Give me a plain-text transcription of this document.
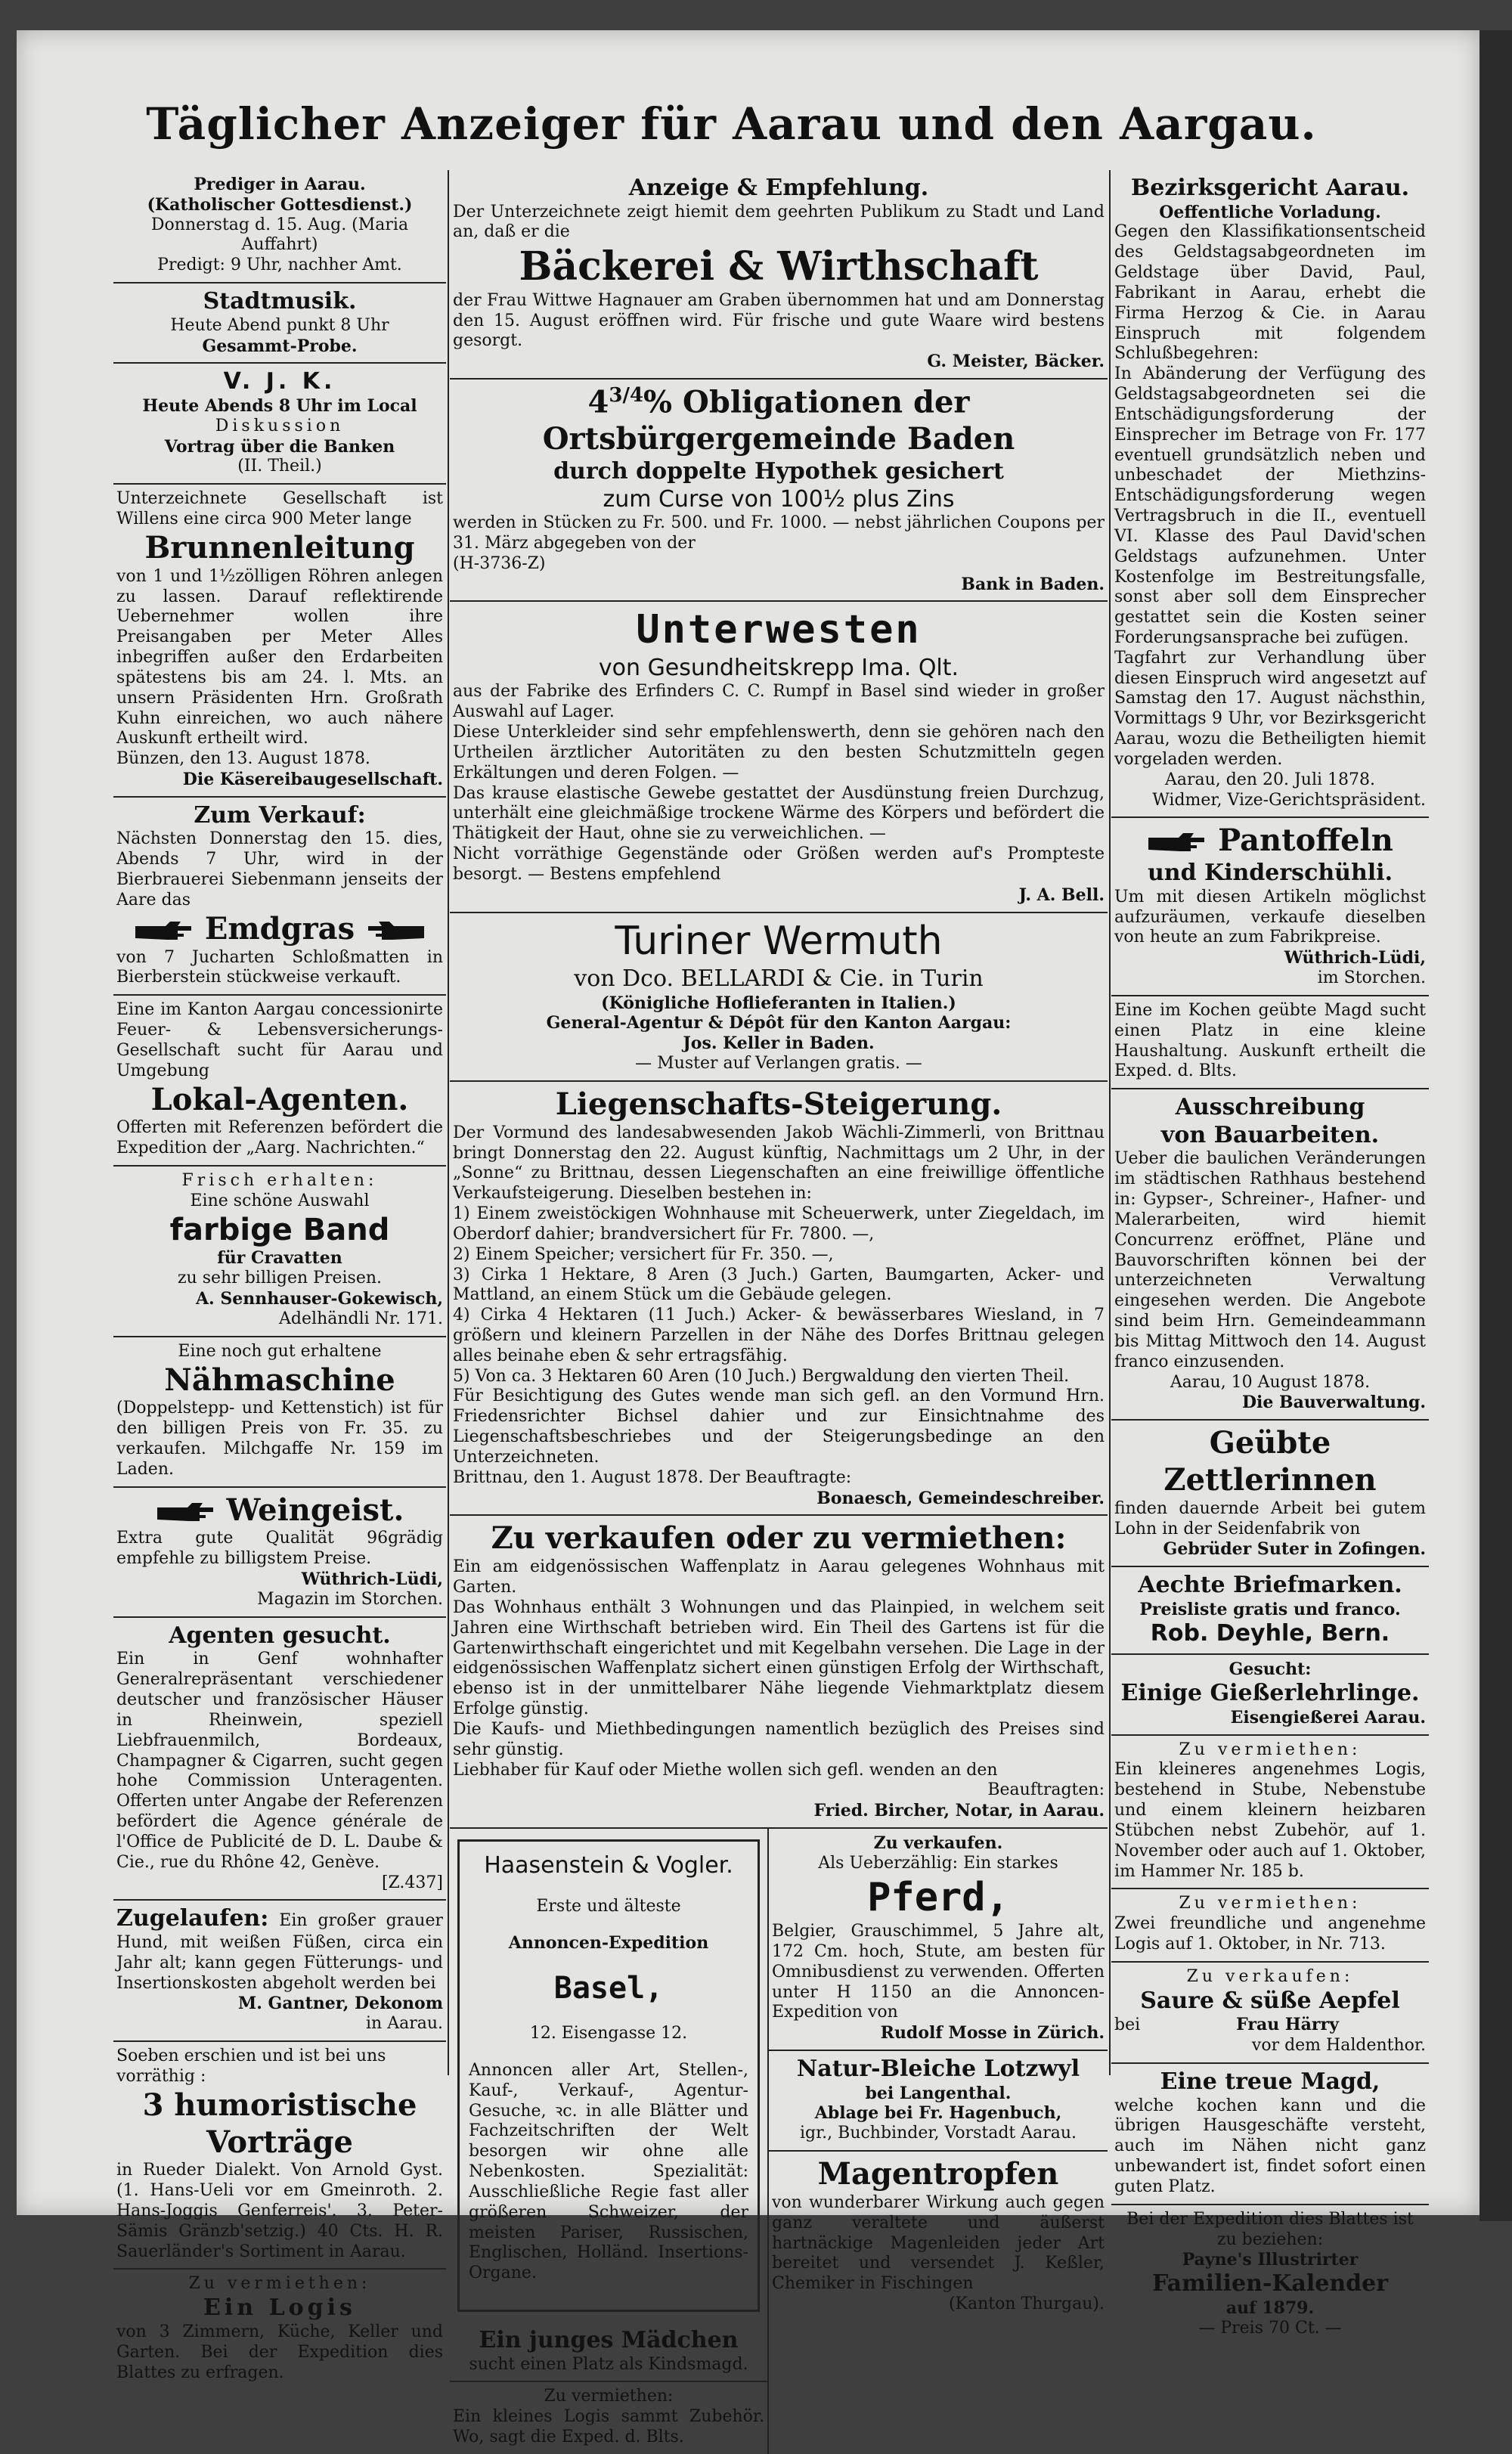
Täglicher Anzeiger für Aarau und den Aargau.

Prediger in Aarau.

(Katholischer Gottesdienst.)

Donnerstag d. 15. Aug. (Maria Auffahrt)

Predigt: 9 Uhr, nachher Amt.

Stadtmusik.

Heute Abend punkt 8 Uhr

Gesammt-Probe.

V. J. K.

Heute Abends 8 Uhr im Local

Diskussion

Vortrag über die Banken

(II. Theil.)

Unterzeichnete Gesellschaft ist Willens eine circa 900 Meter lange

Brunnenleitung

von 1 und 1½zölligen Röhren anlegen zu lassen. Darauf reflektirende Uebernehmer wollen ihre Preisangaben per Meter Alles inbegriffen außer den Erdarbeiten spätestens bis am 24. l. Mts. an unsern Präsidenten Hrn. Großrath Kuhn einreichen, wo auch nähere Auskunft ertheilt wird.

Bünzen, den 13. August 1878.

Die Käsereibaugesellschaft.

Zum Verkauf:

Nächsten Donnerstag den 15. dies, Abends 7 Uhr, wird in der Bierbrauerei Siebenmann jenseits der Aare das

Emdgras

von 7 Jucharten Schloßmatten in Bierberstein stückweise verkauft.

Eine im Kanton Aargau concessionirte Feuer- & Lebensversicherungs-Gesellschaft sucht für Aarau und Umgebung

Lokal-Agenten.

Offerten mit Referenzen befördert die Expedition der „Aarg. Nachrichten.“

Frisch erhalten:

Eine schöne Auswahl

farbige Band

für Cravatten

zu sehr billigen Preisen.

A. Sennhauser-Gokewisch,

Adelhändli Nr. 171.

Eine noch gut erhaltene

Nähmaschine

(Doppelstepp- und Kettenstich) ist für den billigen Preis von Fr. 35. zu verkaufen. Milchgaffe Nr. 159 im Laden.

Weingeist.

Extra gute Qualität 96grädig empfehle zu billigstem Preise.

Wüthrich-Lüdi,

Magazin im Storchen.

Agenten gesucht.

Ein in Genf wohnhafter Generalrepräsentant verschiedener deutscher und französischer Häuser in Rheinwein, speziell Liebfrauenmilch, Bordeaux, Champagner & Cigarren, sucht gegen hohe Commission Unteragenten. Offerten unter Angabe der Referenzen befördert die Agence générale de l'Office de Publicité de D. L. Daube & Cie., rue du Rhône 42, Genève.

[Z.437]

Zugelaufen: Ein großer grauer Hund, mit weißen Füßen, circa ein Jahr alt; kann gegen Fütterungs- und Insertionskosten abgeholt werden bei

M. Gantner, Dekonom

in Aarau.

Soeben erschien und ist bei uns vorräthig :

3 humoristische Vorträge

in Rueder Dialekt. Von Arnold Gyst. (1. Hans-Ueli vor em Gmeinroth. 2. Hans-Joggis Genferreis'. 3. Peter-Sämis Gränzb'setzig.) 40 Cts. H. R. Sauerländer's Sortiment in Aarau.

Zu vermiethen:

Ein Logis

von 3 Zimmern, Küche, Keller und Garten. Bei der Expedition dies Blattes zu erfragen.

Anzeige & Empfehlung.

Der Unterzeichnete zeigt hiemit dem geehrten Publikum zu Stadt und Land an, daß er die

Bäckerei & Wirthschaft

der Frau Wittwe Hagnauer am Graben übernommen hat und am Donnerstag den 15. August eröffnen wird. Für frische und gute Waare wird bestens gesorgt.

G. Meister, Bäcker.

$4^{3/4}\%$ Obligationen der Ortsbürgergemeinde Baden

durch doppelte Hypothek gesichert

zum Curse von 100½ plus Zins

werden in Stücken zu Fr. 500. und Fr. 1000. — nebst jährlichen Coupons per 31. März abgegeben von der

(H-3736-Z)

Bank in Baden.

Unterwesten

von Gesundheitskrepp Ima. Qlt.

aus der Fabrike des Erfinders C. C. Rumpf in Basel sind wieder in großer Auswahl auf Lager.

Diese Unterkleider sind sehr empfehlenswerth, denn sie gehören nach den Urtheilen ärztlicher Autoritäten zu den besten Schutzmitteln gegen Erkältungen und deren Folgen. —

Das krause elastische Gewebe gestattet der Ausdünstung freien Durchzug, unterhält eine gleichmäßige trockene Wärme des Körpers und befördert die Thätigkeit der Haut, ohne sie zu verweichlichen. —

Nicht vorräthige Gegenstände oder Größen werden auf's Prompteste besorgt. — Bestens empfehlend

J. A. Bell.

Turiner Wermuth

von Dco. BELLARDI & Cie. in Turin

(Königliche Hoflieferanten in Italien.)

General-Agentur & Dépôt für den Kanton Aargau:

Jos. Keller in Baden.

— Muster auf Verlangen gratis. —

Liegenschafts-Steigerung.

Der Vormund des landesabwesenden Jakob Wächli-Zimmerli, von Brittnau bringt Donnerstag den 22. August künftig, Nachmittags um 2 Uhr, in der „Sonne“ zu Brittnau, dessen Liegenschaften an eine freiwillige öffentliche Verkaufsteigerung. Dieselben bestehen in:

1) Einem zweistöckigen Wohnhause mit Scheuerwerk, unter Ziegeldach, im Oberdorf dahier; brandversichert für Fr. 7800. —,

2) Einem Speicher; versichert für Fr. 350. —,

3) Cirka 1 Hektare, 8 Aren (3 Juch.) Garten, Baumgarten, Acker- und Mattland, an einem Stück um die Gebäude gelegen.

4) Cirka 4 Hektaren (11 Juch.) Acker- & bewässerbares Wiesland, in 7 größern und kleinern Parzellen in der Nähe des Dorfes Brittnau gelegen alles beinahe eben & sehr ertragsfähig.

5) Von ca. 3 Hektaren 60 Aren (10 Juch.) Bergwaldung den vierten Theil.

Für Besichtigung des Gutes wende man sich gefl. an den Vormund Hrn. Friedensrichter Bichsel dahier und zur Einsichtnahme des Liegenschaftsbeschriebes und der Steigerungsbedinge an den Unterzeichneten.

Brittnau, den 1. August 1878. Der Beauftragte:

Bonaesch, Gemeindeschreiber.

Zu verkaufen oder zu vermiethen:

Ein am eidgenössischen Waffenplatz in Aarau gelegenes Wohnhaus mit Garten.

Das Wohnhaus enthält 3 Wohnungen und das Plainpied, in welchem seit Jahren eine Wirthschaft betrieben wird. Ein Theil des Gartens ist für die Gartenwirthschaft eingerichtet und mit Kegelbahn versehen. Die Lage in der eidgenössischen Waffenplatz sichert einen günstigen Erfolg der Wirthschaft, ebenso ist in der unmittelbarer Nähe liegende Viehmarktplatz diesem Erfolge günstig.

Die Kaufs- und Miethbedingungen namentlich bezüglich des Preises sind sehr günstig.

Liebhaber für Kauf oder Miethe wollen sich gefl. wenden an den

Beauftragten:

Fried. Bircher, Notar, in Aarau.

Haasenstein & Vogler.

Erste und älteste

Annoncen-Expedition

Basel,

12. Eisengasse 12.

Annoncen aller Art, Stellen-, Kauf-, Verkauf-, Agentur-Gesuche, ꝛc. in alle Blätter und Fachzeitschriften der Welt besorgen wir ohne alle Nebenkosten. Spezialität: Ausschließliche Regie fast aller größeren Schweizer, der meisten Pariser, Russischen, Englischen, Holländ. Insertions-Organe.

Ein junges Mädchen

sucht einen Platz als Kindsmagd.

Zu vermiethen:

Ein kleines Logis sammt Zubehör. Wo, sagt die Exped. d. Blts.

Zu verkaufen.

Als Ueberzählig: Ein starkes

Pferd,

Belgier, Grauschimmel, 5 Jahre alt, 172 Cm. hoch, Stute, am besten für Omnibusdienst zu verwenden. Offerten unter H 1150 an die Annoncen-Expedition von

Rudolf Mosse in Zürich.

Natur-Bleiche Lotzwyl

bei Langenthal.

Ablage bei Fr. Hagenbuch,

igr., Buchbinder, Vorstadt Aarau.

Magentropfen

von wunderbarer Wirkung auch gegen ganz veraltete und äußerst hartnäckige Magenleiden jeder Art bereitet und versendet J. Keßler, Chemiker in Fischingen

(Kanton Thurgau).

Bezirksgericht Aarau.

Oeffentliche Vorladung.

Gegen den Klassifikationsentscheid des Geldstagsabgeordneten im Geldstage über David, Paul, Fabrikant in Aarau, erhebt die Firma Herzog & Cie. in Aarau Einspruch mit folgendem Schlußbegehren:

In Abänderung der Verfügung des Geldstagsabgeordneten sei die Entschädigungsforderung der Einsprecher im Betrage von Fr. 177 eventuell grundsätzlich neben und unbeschadet der Miethzins-Entschädigungsforderung wegen Vertragsbruch in die II., eventuell VI. Klasse des Paul David'schen Geldstags aufzunehmen. Unter Kostenfolge im Bestreitungsfalle, sonst aber soll dem Einsprecher gestattet sein die Kosten seiner Forderungsansprache bei zufügen.

Tagfahrt zur Verhandlung über diesen Einspruch wird angesetzt auf Samstag den 17. August nächsthin, Vormittags 9 Uhr, vor Bezirksgericht Aarau, wozu die Betheiligten hiemit vorgeladen werden.

Aarau, den 20. Juli 1878.

Widmer, Vize-Gerichtspräsident.

Pantoffeln

und Kinderschühli.

Um mit diesen Artikeln möglichst aufzuräumen, verkaufe dieselben von heute an zum Fabrikpreise.

Wüthrich-Lüdi,

im Storchen.

Eine im Kochen geübte Magd sucht einen Platz in eine kleine Haushaltung. Auskunft ertheilt die Exped. d. Blts.

Ausschreibung

von Bauarbeiten.

Ueber die baulichen Veränderungen im städtischen Rathhaus bestehend in: Gypser-, Schreiner-, Hafner- und Malerarbeiten, wird hiemit Concurrenz eröffnet, Pläne und Bauvorschriften können bei der unterzeichneten Verwaltung eingesehen werden. Die Angebote sind beim Hrn. Gemeindeammann bis Mittag Mittwoch den 14. August franco einzusenden.

Aarau, 10 August 1878.

Die Bauverwaltung.

Geübte Zettlerinnen

finden dauernde Arbeit bei gutem Lohn in der Seidenfabrik von

Gebrüder Suter in Zofingen.

Aechte Briefmarken.

Preisliste gratis und franco.

Rob. Deyhle, Bern.

Gesucht:

Einige Gießerlehrlinge.

Eisengießerei Aarau.

Zu vermiethen:

Ein kleineres angenehmes Logis, bestehend in Stube, Nebenstube und einem kleinern heizbaren Stübchen nebst Zubehör, auf 1. November oder auch auf 1. Oktober, im Hammer Nr. 185 b.

Zu vermiethen:

Zwei freundliche und angenehme Logis auf 1. Oktober, in Nr. 713.

Zu verkaufen:

Saure & süße Aepfel

bei	Frau Härry

vor dem Haldenthor.

Eine treue Magd,

welche kochen kann und die übrigen Hausgeschäfte versteht, auch im Nähen nicht ganz unbewandert ist, findet sofort einen guten Platz.

Bei der Expedition dies Blattes ist zu beziehen:

Payne's Illustrirter

Familien-Kalender

auf 1879.

— Preis 70 Ct. —
